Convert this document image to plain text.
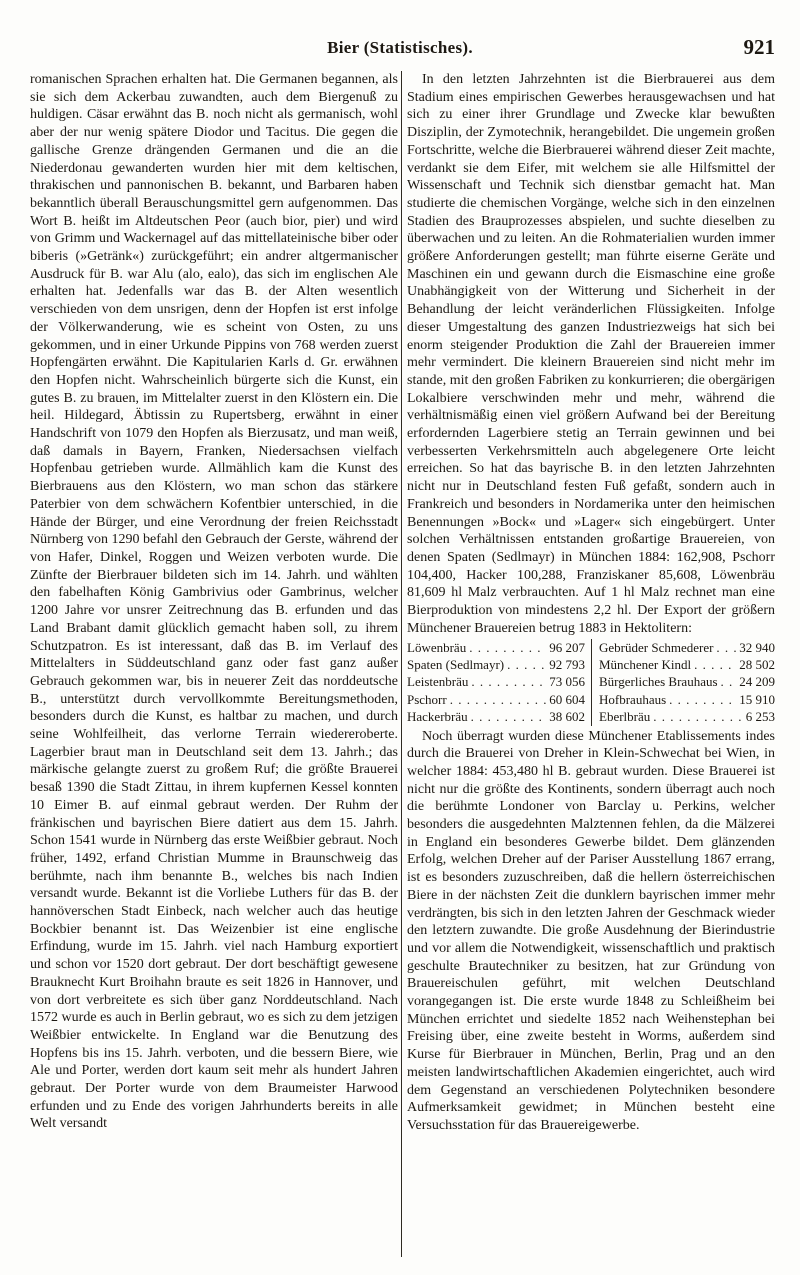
Bier (Statistisches).	921

romanischen Sprachen erhalten hat. Die Germanen begannen, als sie sich dem Ackerbau zuwandten, auch dem Biergenuß zu huldigen. Cäsar erwähnt das B. noch nicht als germanisch, wohl aber der nur wenig spätere Diodor und Tacitus. Die gegen die gallische Grenze drängenden Germanen und die an die Niederdonau gewanderten wurden hier mit dem keltischen, thrakischen und pannonischen B. bekannt, und Barbaren haben bekanntlich überall Berauschungsmittel gern aufgenommen. Das Wort B. heißt im Altdeutschen Peor (auch bior, pier) und wird von Grimm und Wackernagel auf das mittellateinische biber oder biberis (»Getränk«) zurückgeführt; ein andrer altgermanischer Ausdruck für B. war Alu (alo, ealo), das sich im englischen Ale erhalten hat. Jedenfalls war das B. der Alten wesentlich verschieden von dem unsrigen, denn der Hopfen ist erst infolge der Völkerwanderung, wie es scheint von Osten, zu uns gekommen, und in einer Urkunde Pippins von 768 werden zuerst Hopfengärten erwähnt. Die Kapitularien Karls d. Gr. erwähnen den Hopfen nicht. Wahrscheinlich bürgerte sich die Kunst, ein gutes B. zu brauen, im Mittelalter zuerst in den Klöstern ein. Die heil. Hildegard, Äbtissin zu Rupertsberg, erwähnt in einer Handschrift von 1079 den Hopfen als Bierzusatz, und man weiß, daß damals in Bayern, Franken, Niedersachsen vielfach Hopfenbau getrieben wurde. Allmählich kam die Kunst des Bierbrauens aus den Klöstern, wo man schon das stärkere Paterbier von dem schwächern Kofentbier unterschied, in die Hände der Bürger, und eine Verordnung der freien Reichsstadt Nürnberg von 1290 befahl den Gebrauch der Gerste, während der von Hafer, Dinkel, Roggen und Weizen verboten wurde. Die Zünfte der Bierbrauer bildeten sich im 14. Jahrh. und wählten den fabelhaften König Gambrivius oder Gambrinus, welcher 1200 Jahre vor unsrer Zeitrechnung das B. erfunden und das Land Brabant damit glücklich gemacht haben soll, zu ihrem Schutzpatron. Es ist interessant, daß das B. im Verlauf des Mittelalters in Süddeutschland ganz oder fast ganz außer Gebrauch gekommen war, bis in neuerer Zeit das norddeutsche B., unterstützt durch vervollkommte Bereitungsmethoden, besonders durch die Kunst, es haltbar zu machen, und durch seine Wohlfeilheit, das verlorne Terrain wiedereroberte. Lagerbier braut man in Deutschland seit dem 13. Jahrh.; das märkische gelangte zuerst zu großem Ruf; die größte Brauerei besaß 1390 die Stadt Zittau, in ihrem kupfernen Kessel konnten 10 Eimer B. auf einmal gebraut werden. Der Ruhm der fränkischen und bayrischen Biere datiert aus dem 15. Jahrh. Schon 1541 wurde in Nürnberg das erste Weißbier gebraut. Noch früher, 1492, erfand Christian Mumme in Braunschweig das berühmte, nach ihm benannte B., welches bis nach Indien versandt wurde. Bekannt ist die Vorliebe Luthers für das B. der hannöverschen Stadt Einbeck, nach welcher auch das heutige Bockbier benannt ist. Das Weizenbier ist eine englische Erfindung, wurde im 15. Jahrh. viel nach Hamburg exportiert und schon vor 1520 dort gebraut. Der dort beschäftigt gewesene Brauknecht Kurt Broihahn braute es seit 1826 in Hannover, und von dort verbreitete es sich über ganz Norddeutschland. Nach 1572 wurde es auch in Berlin gebraut, wo es sich zu dem jetzigen Weißbier entwickelte. In England war die Benutzung des Hopfens bis ins 15. Jahrh. verboten, und die bessern Biere, wie Ale und Porter, werden dort kaum seit mehr als hundert Jahren gebraut. Der Porter wurde von dem Braumeister Harwood erfunden und zu Ende des vorigen Jahrhunderts bereits in alle Welt versandt

In den letzten Jahrzehnten ist die Bierbrauerei aus dem Stadium eines empirischen Gewerbes herausgewachsen und hat sich zu einer ihrer Grundlage und Zwecke klar bewußten Disziplin, der Zymotechnik, herangebildet. Die ungemein großen Fortschritte, welche die Bierbrauerei während dieser Zeit machte, verdankt sie dem Eifer, mit welchem sie alle Hilfsmittel der Wissenschaft und Technik sich dienstbar gemacht hat. Man studierte die chemischen Vorgänge, welche sich in den einzelnen Stadien des Brauprozesses abspielen, und suchte dieselben zu überwachen und zu leiten. An die Rohmaterialien wurden immer größere Anforderungen gestellt; man führte eiserne Geräte und Maschinen ein und gewann durch die Eismaschine eine große Unabhängigkeit von der Witterung und Sicherheit in der Behandlung der leicht veränderlichen Flüssigkeiten. Infolge dieser Umgestaltung des ganzen Industriezweigs hat sich bei enorm steigender Produktion die Zahl der Brauereien immer mehr vermindert. Die kleinern Brauereien sind nicht mehr im stande, mit den großen Fabriken zu konkurrieren; die obergärigen Lokalbiere verschwinden mehr und mehr, während die verhältnismäßig einen viel größern Aufwand bei der Bereitung erfordernden Lagerbiere stetig an Terrain gewinnen und bei verbesserten Verkehrsmitteln auch abgelegenere Orte leicht erreichen. So hat das bayrische B. in den letzten Jahrzehnten nicht nur in Deutschland festen Fuß gefaßt, sondern auch in Frankreich und besonders in Nordamerika unter den heimischen Benennungen »Bock« und »Lager« sich eingebürgert. Unter solchen Verhältnissen entstanden großartige Brauereien, von denen Spaten (Sedlmayr) in München 1884: 162,908, Pschorr 104,400, Hacker 100,288, Franziskaner 85,608, Löwenbräu 81,609 hl Malz verbrauchten. Auf 1 hl Malz rechnet man eine Bierproduktion von mindestens 2,2 hl. Der Export der größern Münchener Brauereien betrug 1883 in Hektolitern:

Löwenbräu . . .	96 207
Spaten (Sedlmayr) . . .	92 793
Leistenbräu . . .	73 056
Pschorr . . .	60 604
Hackerbräu . . .	38 602
Gebrüder Schmederer . . . 32 940
Münchener Kindl . . .	28 502
Bürgerliches Brauhaus . . . 24 209
Hofbrauhaus . . .	15 910
Eberlbräu . . .	6 253

Noch überragt wurden diese Münchener Etablissements indes durch die Brauerei von Dreher in Klein-Schwechat bei Wien, in welcher 1884: 453,480 hl B. gebraut wurden. Diese Brauerei ist nicht nur die größte des Kontinents, sondern überragt auch noch die berühmte Londoner von Barclay u. Perkins, welcher besonders die ausgedehnten Malztennen fehlen, da die Mälzerei in England ein besonderes Gewerbe bildet. Dem glänzenden Erfolg, welchen Dreher auf der Pariser Ausstellung 1867 errang, ist es besonders zuzuschreiben, daß die hellern österreichischen Biere in der nächsten Zeit die dunklern bayrischen immer mehr verdrängten, bis sich in den letzten Jahren der Geschmack wieder den letztern zuwandte. Die große Ausdehnung der Bierindustrie und vor allem die Notwendigkeit, wissenschaftlich und praktisch geschulte Brautechniker zu besitzen, hat zur Gründung von Brauereischulen geführt, mit welchen Deutschland vorangegangen ist. Die erste wurde 1848 zu Schleißheim bei München errichtet und siedelte 1852 nach Weihenstephan bei Freising über, eine zweite besteht in Worms, außerdem sind Kurse für Bierbrauer in München, Berlin, Prag und an den meisten landwirtschaftlichen Akademien eingerichtet, auch wird dem Gegenstand an verschiedenen Polytechniken besondere Aufmerksamkeit gewidmet; in München besteht eine Versuchsstation für das Brauereigewerbe.
